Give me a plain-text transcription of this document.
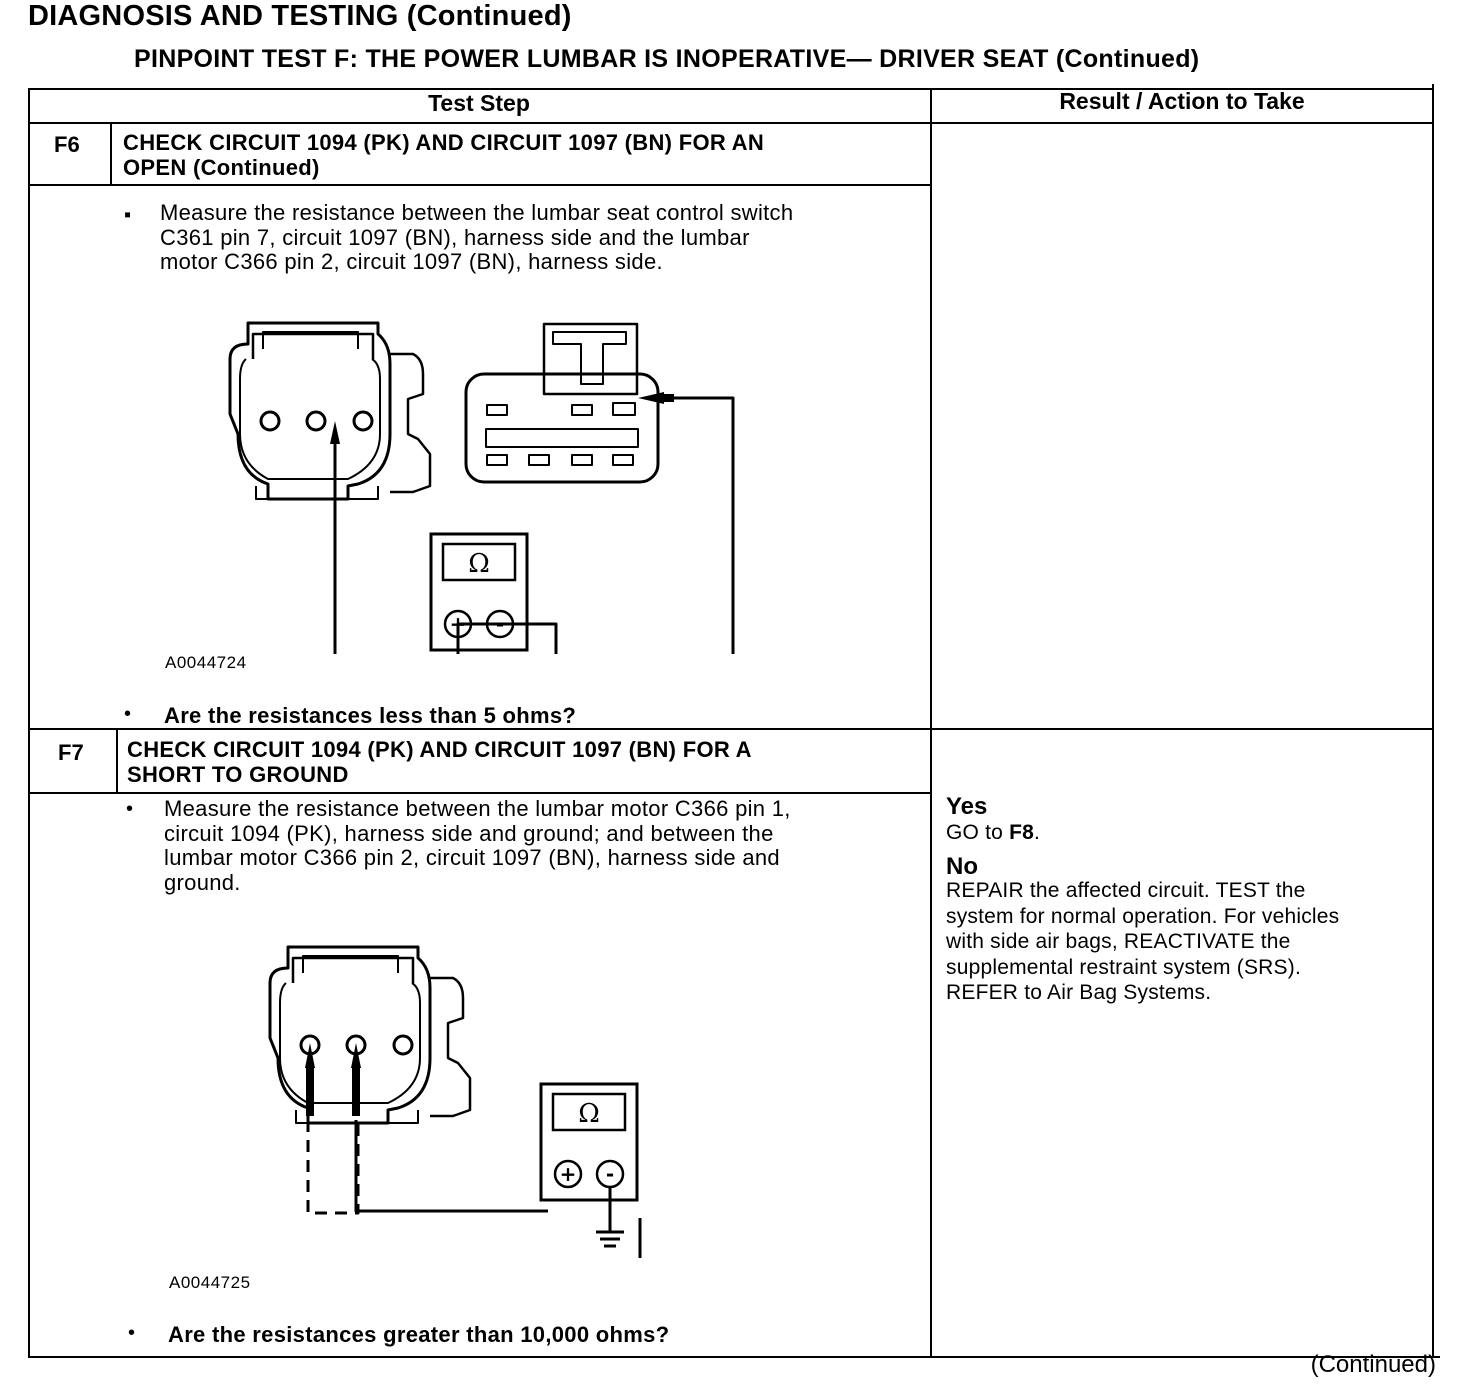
DIAGNOSIS AND TESTING (Continued)
PINPOINT TEST F: THE POWER LUMBAR IS INOPERATIVE— DRIVER SEAT (Continued)
Test Step	Result / Action to Take
F6 CHECK CIRCUIT 1094 (PK) AND CIRCUIT 1097 (BN) FOR AN
OPEN (Continued)
▪ Measure the resistance between the lumbar seat control switch
C361 pin 7, circuit 1097 (BN), harness side and the lumbar
motor C366 pin 2, circuit 1097 (BN), harness side.
Ω
+ -
A0044724
• Are the resistances less than 5 ohms?
F7 CHECK CIRCUIT 1094 (PK) AND CIRCUIT 1097 (BN) FOR A
SHORT TO GROUND
• Measure the resistance between the lumbar motor C366 pin 1,
circuit 1094 (PK), harness side and ground; and between the
lumbar motor C366 pin 2, circuit 1097 (BN), harness side and
ground.
Ω
+ -
A0044725
• Are the resistances greater than 10,000 ohms?
Yes
GO to F8.
No
REPAIR the affected circuit. TEST the
system for normal operation. For vehicles
with side air bags, REACTIVATE the
supplemental restraint system (SRS).
REFER to Air Bag Systems.
(Continued)
